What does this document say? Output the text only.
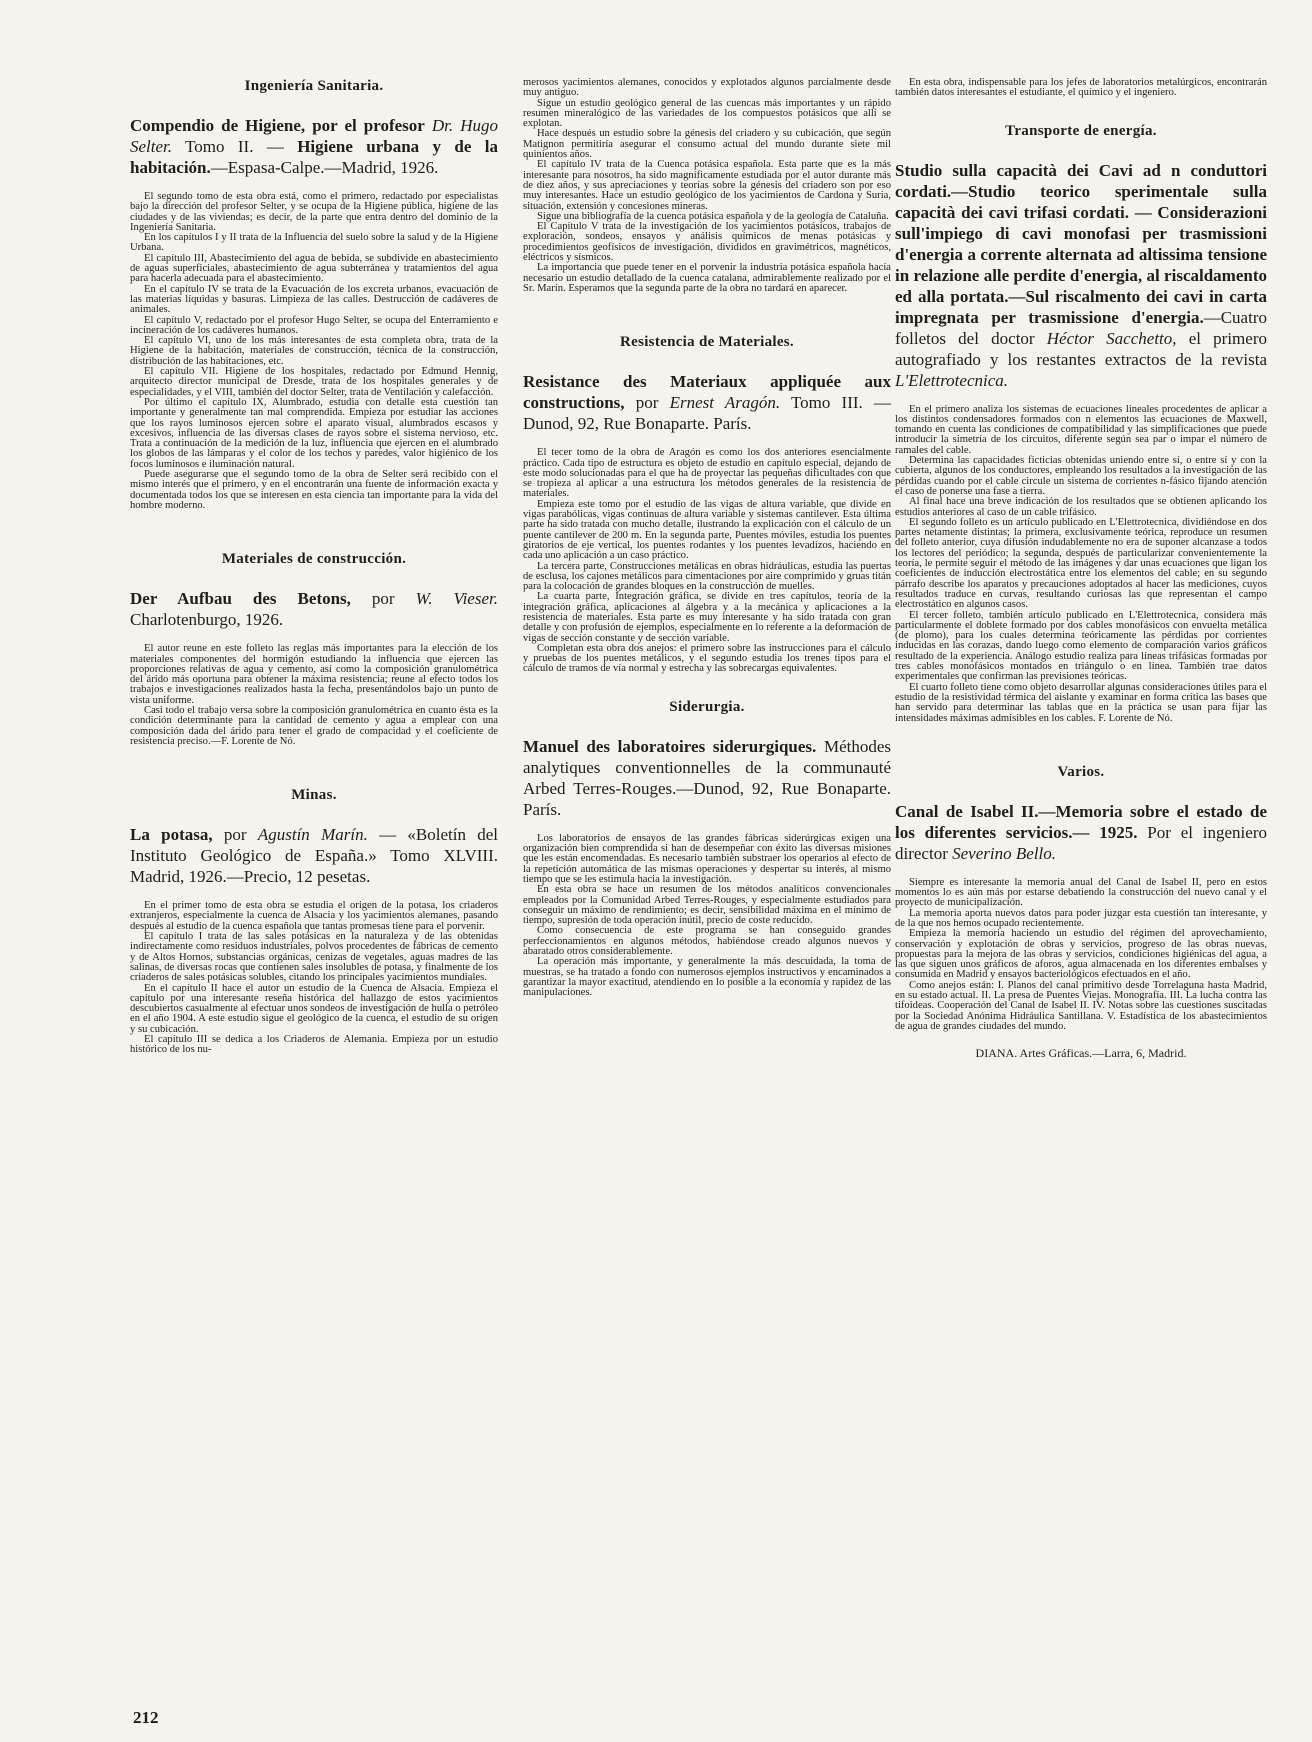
Ingeniería Sanitaria.
Compendio de Higiene, por el profesor Dr. Hugo Selter. Tomo II. — Higiene urbana y de la habitación.—Espasa-Calpe.—Madrid, 1926.

El segundo tomo de esta obra está, como el primero, redactado por especialistas bajo la dirección del profesor Selter, y se ocupa de la Higiene pública, higiene de las ciudades y de las viviendas; es decir, de la parte que entra dentro del dominio de la Ingeniería Sanitaria.

En los capítulos I y II trata de la Influencia del suelo sobre la salud y de la Higiene Urbana.

El capítulo III, Abastecimiento del agua de bebida, se subdivide en abastecimiento de aguas superficiales, abastecimiento de agua subterránea y tratamientos del agua para hacerla adecuada para el abastecimiento.

En el capítulo IV se trata de la Evacuación de los excreta urbanos, evacuación de las materias líquidas y basuras. Limpieza de las calles. Destrucción de cadáveres de animales.

El capítulo V, redactado por el profesor Hugo Selter, se ocupa del Enterramiento e incineración de los cadáveres humanos.

El capítulo VI, uno de los más interesantes de esta completa obra, trata de la Higiene de la habitación, materiales de construcción, técnica de la construcción, distribución de las habitaciones, etc.

El capítulo VII. Higiene de los hospitales, redactado por Edmund Hennig, arquitecto director municipal de Dresde, trata de los hospitales generales y de especialidades, y el VIII, también del doctor Selter, trata de Ventilación y calefacción.

Por último el capítulo IX, Alumbrado, estudia con detalle esta cuestión tan importante y generalmente tan mal comprendida. Empieza por estudiar las acciones que los rayos luminosos ejercen sobre el aparato visual, alumbrados escasos y excesivos, influencia de las diversas clases de rayos sobre el sistema nervioso, etc. Trata a continuación de la medición de la luz, influencia que ejercen en el alumbrado los globos de las lámparas y el color de los techos y paredes, valor higiénico de los focos luminosos e iluminación natural.

Puede asegurarse que el segundo tomo de la obra de Selter será recibido con el mismo interés que el primero, y en el encontrarán una fuente de información exacta y documentada todos los que se interesen en esta ciencia tan importante para la vida del hombre moderno.

Materiales de construcción.
Der Aufbau des Betons, por W. Vieser. Charlotenburgo, 1926.

El autor reune en este folleto las reglas más importantes para la elección de los materiales componentes del hormigón estudiando la influencia que ejercen las proporciones relativas de agua y cemento, así como la composición granulométrica del árido más oportuna para obtener la máxima resistencia; reune al efecto todos los trabajos e investigaciones realizados hasta la fecha, presentándolos bajo un punto de vista uniforme.

Casi todo el trabajo versa sobre la composición granulométrica en cuanto ésta es la condición determinante para la cantidad de cemento y agua a emplear con una composición dada del árido para tener el grado de compacidad y el coeficiente de resistencia preciso.—F. Lorente de Nó.

Minas.
La potasa, por Agustín Marín. — «Boletín del Instituto Geológico de España.» Tomo XLVIII. Madrid, 1926.—Precio, 12 pesetas.

En el primer tomo de esta obra se estudia el origen de la potasa, los criaderos extranjeros, especialmente la cuenca de Alsacia y los yacimientos alemanes, pasando después al estudio de la cuenca española que tantas promesas tiene para el porvenir.

El capítulo I trata de las sales potásicas en la naturaleza y de las obtenidas indirectamente como residuos industriales, polvos procedentes de fábricas de cemento y de Altos Hornos, substancias orgánicas, cenizas de vegetales, aguas madres de las salinas, de diversas rocas que contienen sales insolubles de potasa, y finalmente de los criaderos de sales potásicas solubles, citando los principales yacimientos mundiales.

En el capítulo II hace el autor un estudio de la Cuenca de Alsacia. Empieza el capítulo por una interesante reseña histórica del hallazgo de estos yacimientos descubiertos casualmente al efectuar unos sondeos de investigación de hulla o petróleo en el año 1904. A este estudio sigue el geológico de la cuenca, el estudio de su origen y su cubicación.

El capítulo III se dedica a los Criaderos de Alemania. Empieza por un estudio histórico de los nu-

merosos yacimientos alemanes, conocidos y explotados algunos parcialmente desde muy antiguo.

Sigue un estudio geológico general de las cuencas más importantes y un rápido resumen mineralógico de las variedades de los compuestos potásicos que allí se explotan.

Hace después un estudio sobre la génesis del criadero y su cubicación, que según Matignon permitiría asegurar el consumo actual del mundo durante siete mil quinientos años.

El capítulo IV trata de la Cuenca potásica española. Esta parte que es la más interesante para nosotros, ha sido magníficamente estudiada por el autor durante más de diez años, y sus apreciaciones y teorías sobre la génesis del criadero son por eso muy interesantes. Hace un estudio geológico de los yacimientos de Cardona y Suria, situación, extensión y concesiones mineras.

Sigue una bibliografía de la cuenca potásica española y de la geología de Cataluña.

El Capítulo V trata de la investigación de los yacimientos potásicos, trabajos de exploración, sondeos, ensayos y análisis químicos de menas potásicas y procedimientos geofísicos de investigación, divididos en gravimétricos, magnéticos, eléctricos y sísmicos.

La importancia que puede tener en el porvenir la industria potásica española hacía necesario un estudio detallado de la cuenca catalana, admirablemente realizado por el Sr. Marín. Esperamos que la segunda parte de la obra no tardará en aparecer.

Resistencia de Materiales.
Resistance des Materiaux appliquée aux constructions, por Ernest Aragón. Tomo III. — Dunod, 92, Rue Bonaparte. París.

El tecer tomo de la obra de Aragón es como los dos anteriores esencialmente práctico. Cada tipo de estructura es objeto de estudio en capítulo especial, dejando de este modo solucionadas para el que ha de proyectar las pequeñas dificultades con que se tropieza al aplicar a una estructura los métodos generales de la resistencia de materiales.

Empieza este tomo por el estudio de las vigas de altura variable, que divide en vigas parabólicas, vigas continuas de altura variable y sistemas cantilever. Esta última parte ha sido tratada con mucho detalle, ilustrando la explicación con el cálculo de un puente cantilever de 200 m. En la segunda parte, Puentes móviles, estudia los puentes giratorios de eje vertical, los puentes rodantes y los puentes levadizos, haciendo en cada uno aplicación a un caso práctico.

La tercera parte, Construcciones metálicas en obras hidráulicas, estudia las puertas de esclusa, los cajones metálicos para cimentaciones por aire comprimido y gruas titán para la colocación de grandes bloques en la construcción de muelles.

La cuarta parte, Integración gráfica, se divide en tres capítulos, teoría de la integración gráfica, aplicaciones al álgebra y a la mecánica y aplicaciones a la resistencia de materiales. Esta parte es muy interesante y ha sido tratada con gran detalle y con profusión de ejemplos, especialmente en lo referente a la deformación de vigas de sección constante y de sección variable.

Completan esta obra dos anejos: el primero sobre las instrucciones para el cálculo y pruebas de los puentes metálicos, y el segundo estudia los trenes tipos para el cálculo de tramos de vía normal y estrecha y las sobrecargas equivalentes.

Siderurgia.
Manuel des laboratoires siderurgiques. Méthodes analytiques conventionnelles de la communauté Arbed Terres-Rouges.—Dunod, 92, Rue Bonaparte. París.

Los laboratorios de ensayos de las grandes fábricas siderúrgicas exigen una organización bien comprendida si han de desempeñar con éxito las diversas misiones que les están encomendadas. Es necesario también substraer los operarios al efecto de la repetición automática de las mismas operaciones y despertar su interés, al mismo tiempo que se les estimula hacia la investigación.

En esta obra se hace un resumen de los métodos analíticos convencionales empleados por la Comunidad Arbed Terres-Rouges, y especialmente estudiados para conseguir un máximo de rendimiento; es decir, sensibilidad máxima en el mínimo de tiempo, supresión de toda operación inútil, precio de coste reducido.

Como consecuencia de este programa se han conseguido grandes perfeccionamientos en algunos métodos, habiéndose creado algunos nuevos y abaratado otros considerablemente.

La operación más importante, y generalmente la más descuidada, la toma de muestras, se ha tratado a fondo con numerosos ejemplos instructivos y encaminados a garantizar la mayor exactitud, atendiendo en lo posible a la economía y rapidez de las manipulaciones.

En esta obra, indispensable para los jefes de laboratorios metalúrgicos, encontrarán también datos interesantes el estudiante, el químico y el ingeniero.

Transporte de energía.
Studio sulla capacità dei Cavi ad n conduttori cordati.—Studio teorico sperimentale sulla capacità dei cavi trifasi cordati. — Considerazioni sull'impiego di cavi monofasi per trasmissioni d'energia a corrente alternata ad altissima tensione in relazione alle perdite d'energia, al riscaldamento ed alla portata.—Sul riscalmento dei cavi in carta impregnata per trasmissione d'energia.—Cuatro folletos del doctor Héctor Sacchetto, el primero autografiado y los restantes extractos de la revista L'Elettrotecnica.

En el primero analiza los sistemas de ecuaciones lineales procedentes de aplicar a los distintos condensadores formados con n elementos las ecuaciones de Maxwell, tomando en cuenta las condiciones de compatibilidad y las simplificaciones que puede introducir la simetría de los circuitos, diferente según sea par o impar el número de ramales del cable.

Determina las capacidades ficticias obtenidas uniendo entre sí, o entre sí y con la cubierta, algunos de los conductores, empleando los resultados a la investigación de las pérdidas cuando por el cable circule un sistema de corrientes n-fásico fijando atención el caso de ponerse una fase a tierra.

Al final hace una breve indicación de los resultados que se obtienen aplicando los estudios anteriores al caso de un cable trifásico.

El segundo folleto es un artículo publicado en L'Elettrotecnica, dividiéndose en dos partes netamente distintas; la primera, exclusivamente teórica, reproduce un resumen del folleto anterior, cuya difusión indudablemente no era de suponer alcanzase a todos los lectores del periódico; la segunda, después de particularizar convenientemente la teoría, le permite seguir el método de las imágenes y dar unas ecuaciones que ligan los coeficientes de inducción electrostática entre los elementos del cable; en su segundo párrafo describe los aparatos y precauciones adoptados al hacer las mediciones, cuyos resultados traduce en curvas, resultando curiosas las que representan el campo electrostático en algunos casos.

El tercer folleto, también artículo publicado en L'Elettrotecnica, considera más particularmente el doblete formado por dos cables monofásicos con envuelta metálica (de plomo), para los cuales determina teóricamente las pérdidas por corrientes inducidas en las corazas, dando luego como elemento de comparación varios gráficos resultado de la experiencia. Análogo estudio realiza para líneas trifásicas formadas por tres cables monofásicos montados en triángulo o en línea. También trae datos experimentales que confirman las previsiones teóricas.

El cuarto folleto tiene como objeto desarrollar algunas consideraciones útiles para el estudio de la resistividad térmica del aislante y examinar en forma crítica las bases que han servido para determinar las tablas que en la práctica se usan para fijar las intensidades máximas admisibles en los cables. F. Lorente de Nó.

Varios.
Canal de Isabel II.—Memoria sobre el estado de los diferentes servicios.— 1925. Por el ingeniero director Severino Bello.

Siempre es interesante la memoria anual del Canal de Isabel II, pero en estos momentos lo es aún más por estarse debatiendo la construcción del nuevo canal y el proyecto de municipalización.

La memoria aporta nuevos datos para poder juzgar esta cuestión tan interesante, y de la que nos hemos ocupado recientemente.

Empieza la memoria haciendo un estudio del régimen del aprovechamiento, conservación y explotación de obras y servicios, progreso de las obras nuevas, propuestas para la mejora de las obras y servicios, condiciones higiénicas del agua, a las que siguen unos gráficos de aforos, agua almacenada en los diferentes embalses y consumida en Madrid y ensayos bacteriológicos efectuados en el año.

Como anejos están: I. Planos del canal primitivo desde Torrelaguna hasta Madrid, en su estado actual. II. La presa de Puentes Viejas. Monografía. III. La lucha contra las tifoideas. Cooperación del Canal de Isabel II. IV. Notas sobre las cuestiones suscitadas por la Sociedad Anónima Hidráulica Santillana. V. Estadística de los abastecimientos de agua de grandes ciudades del mundo.

DIANA. Artes Gráficas.—Larra, 6, Madrid.
212
